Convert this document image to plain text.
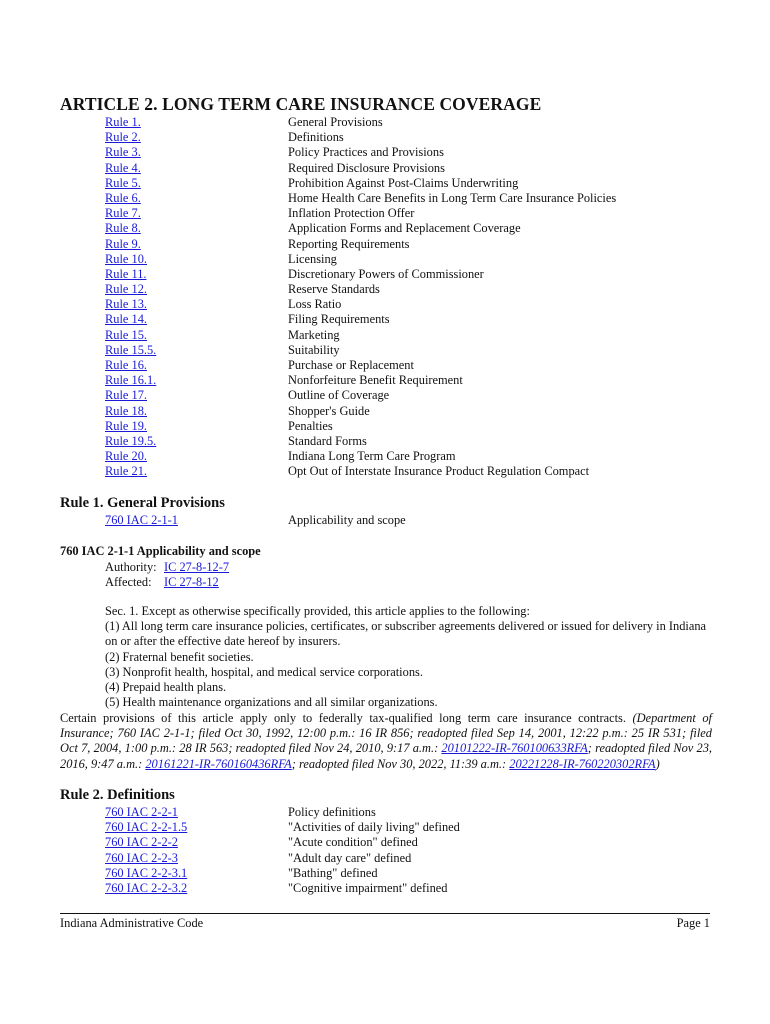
ARTICLE 2. LONG TERM CARE INSURANCE COVERAGE
Rule 1.	General Provisions
Rule 2.	Definitions
Rule 3.	Policy Practices and Provisions
Rule 4.	Required Disclosure Provisions
Rule 5.	Prohibition Against Post-Claims Underwriting
Rule 6.	Home Health Care Benefits in Long Term Care Insurance Policies
Rule 7.	Inflation Protection Offer
Rule 8.	Application Forms and Replacement Coverage
Rule 9.	Reporting Requirements
Rule 10.	Licensing
Rule 11.	Discretionary Powers of Commissioner
Rule 12.	Reserve Standards
Rule 13.	Loss Ratio
Rule 14.	Filing Requirements
Rule 15.	Marketing
Rule 15.5.	Suitability
Rule 16.	Purchase or Replacement
Rule 16.1.	Nonforfeiture Benefit Requirement
Rule 17.	Outline of Coverage
Rule 18.	Shopper's Guide
Rule 19.	Penalties
Rule 19.5.	Standard Forms
Rule 20.	Indiana Long Term Care Program
Rule 21.	Opt Out of Interstate Insurance Product Regulation Compact
Rule 1. General Provisions
760 IAC 2-1-1	Applicability and scope
760 IAC 2-1-1 Applicability and scope
Authority: IC 27-8-12-7
Affected: IC 27-8-12
Sec. 1. Except as otherwise specifically provided, this article applies to the following:
(1) All long term care insurance policies, certificates, or subscriber agreements delivered or issued for delivery in Indiana
on or after the effective date hereof by insurers.
(2) Fraternal benefit societies.
(3) Nonprofit health, hospital, and medical service corporations.
(4) Prepaid health plans.
(5) Health maintenance organizations and all similar organizations.
Certain provisions of this article apply only to federally tax-qualified long term care insurance contracts. (Department of Insurance; 760 IAC 2-1-1; filed Oct 30, 1992, 12:00 p.m.: 16 IR 856; readopted filed Sep 14, 2001, 12:22 p.m.: 25 IR 531; filed Oct 7, 2004, 1:00 p.m.: 28 IR 563; readopted filed Nov 24, 2010, 9:17 a.m.: 20101222-IR-760100633RFA; readopted filed Nov 23, 2016, 9:47 a.m.: 20161221-IR-760160436RFA; readopted filed Nov 30, 2022, 11:39 a.m.: 20221228-IR-760220302RFA)
Rule 2. Definitions
760 IAC 2-2-1	Policy definitions
760 IAC 2-2-1.5	"Activities of daily living" defined
760 IAC 2-2-2	"Acute condition" defined
760 IAC 2-2-3	"Adult day care" defined
760 IAC 2-2-3.1	"Bathing" defined
760 IAC 2-2-3.2	"Cognitive impairment" defined
Indiana Administrative Code	Page 1
